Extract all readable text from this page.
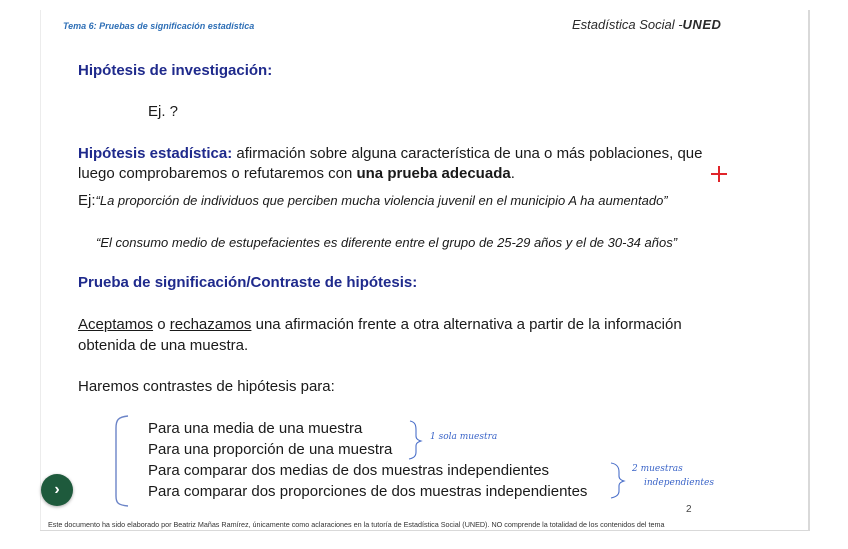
Tema 6: Pruebas de significación estadística	Estadística Social -UNED
Hipótesis de investigación:
Ej. ?
Hipótesis estadística: afirmación sobre alguna característica de una o más poblaciones, que
luego comprobaremos o refutaremos con una prueba adecuada.
Ej:“La proporción de individuos que perciben mucha violencia juvenil en el municipio A ha aumentado”
“El consumo medio de estupefacientes es diferente entre el grupo de 25-29 años y el de 30-34 años”
Prueba de significación/Contraste de hipótesis:
Aceptamos o rechazamos una afirmación frente a otra alternativa a partir de la información
obtenida de una muestra.
Haremos contrastes de hipótesis para:
Para una media de una muestra
Para una proporción de una muestra
Para comparar dos medias de dos muestras independientes
Para comparar dos proporciones de dos muestras independientes
1 sola muestra
2 muestras
independientes
›
2
Este documento ha sido elaborado por Beatriz Mañas Ramírez, únicamente como aclaraciones en la tutoría de Estadística Social (UNED). NO comprende la totalidad de los contenidos del tema
